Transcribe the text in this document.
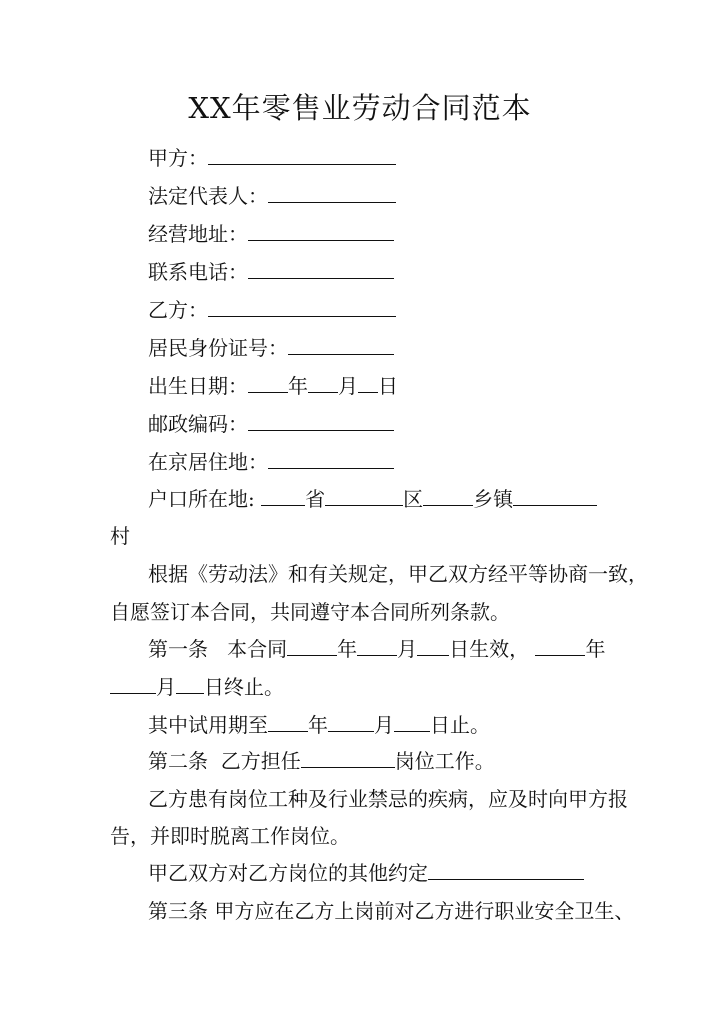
XX年零售业劳动合同范本
甲方：
法定代表人：
经营地址：
联系电话：
乙方：
居民身份证号：
出生日期： 年 月 日
邮政编码：
在京居住地：
户口所在地:	省	区	乡镇
村
根据《劳动法》和有关规定，甲乙双方经平等协商一致，
自愿签订本合同，共同遵守本合同所列条款。
第一条 本合同	年 月 日生效，	年
月 日终止。
其中试用期至 年 月 日止。
第二条 乙方担任	岗位工作。
乙方患有岗位工种及行业禁忌的疾病，应及时向甲方报
告，并即时脱离工作岗位。
甲乙双方对乙方岗位的其他约定
第三条 甲方应在乙方上岗前对乙方进行职业安全卫生、
